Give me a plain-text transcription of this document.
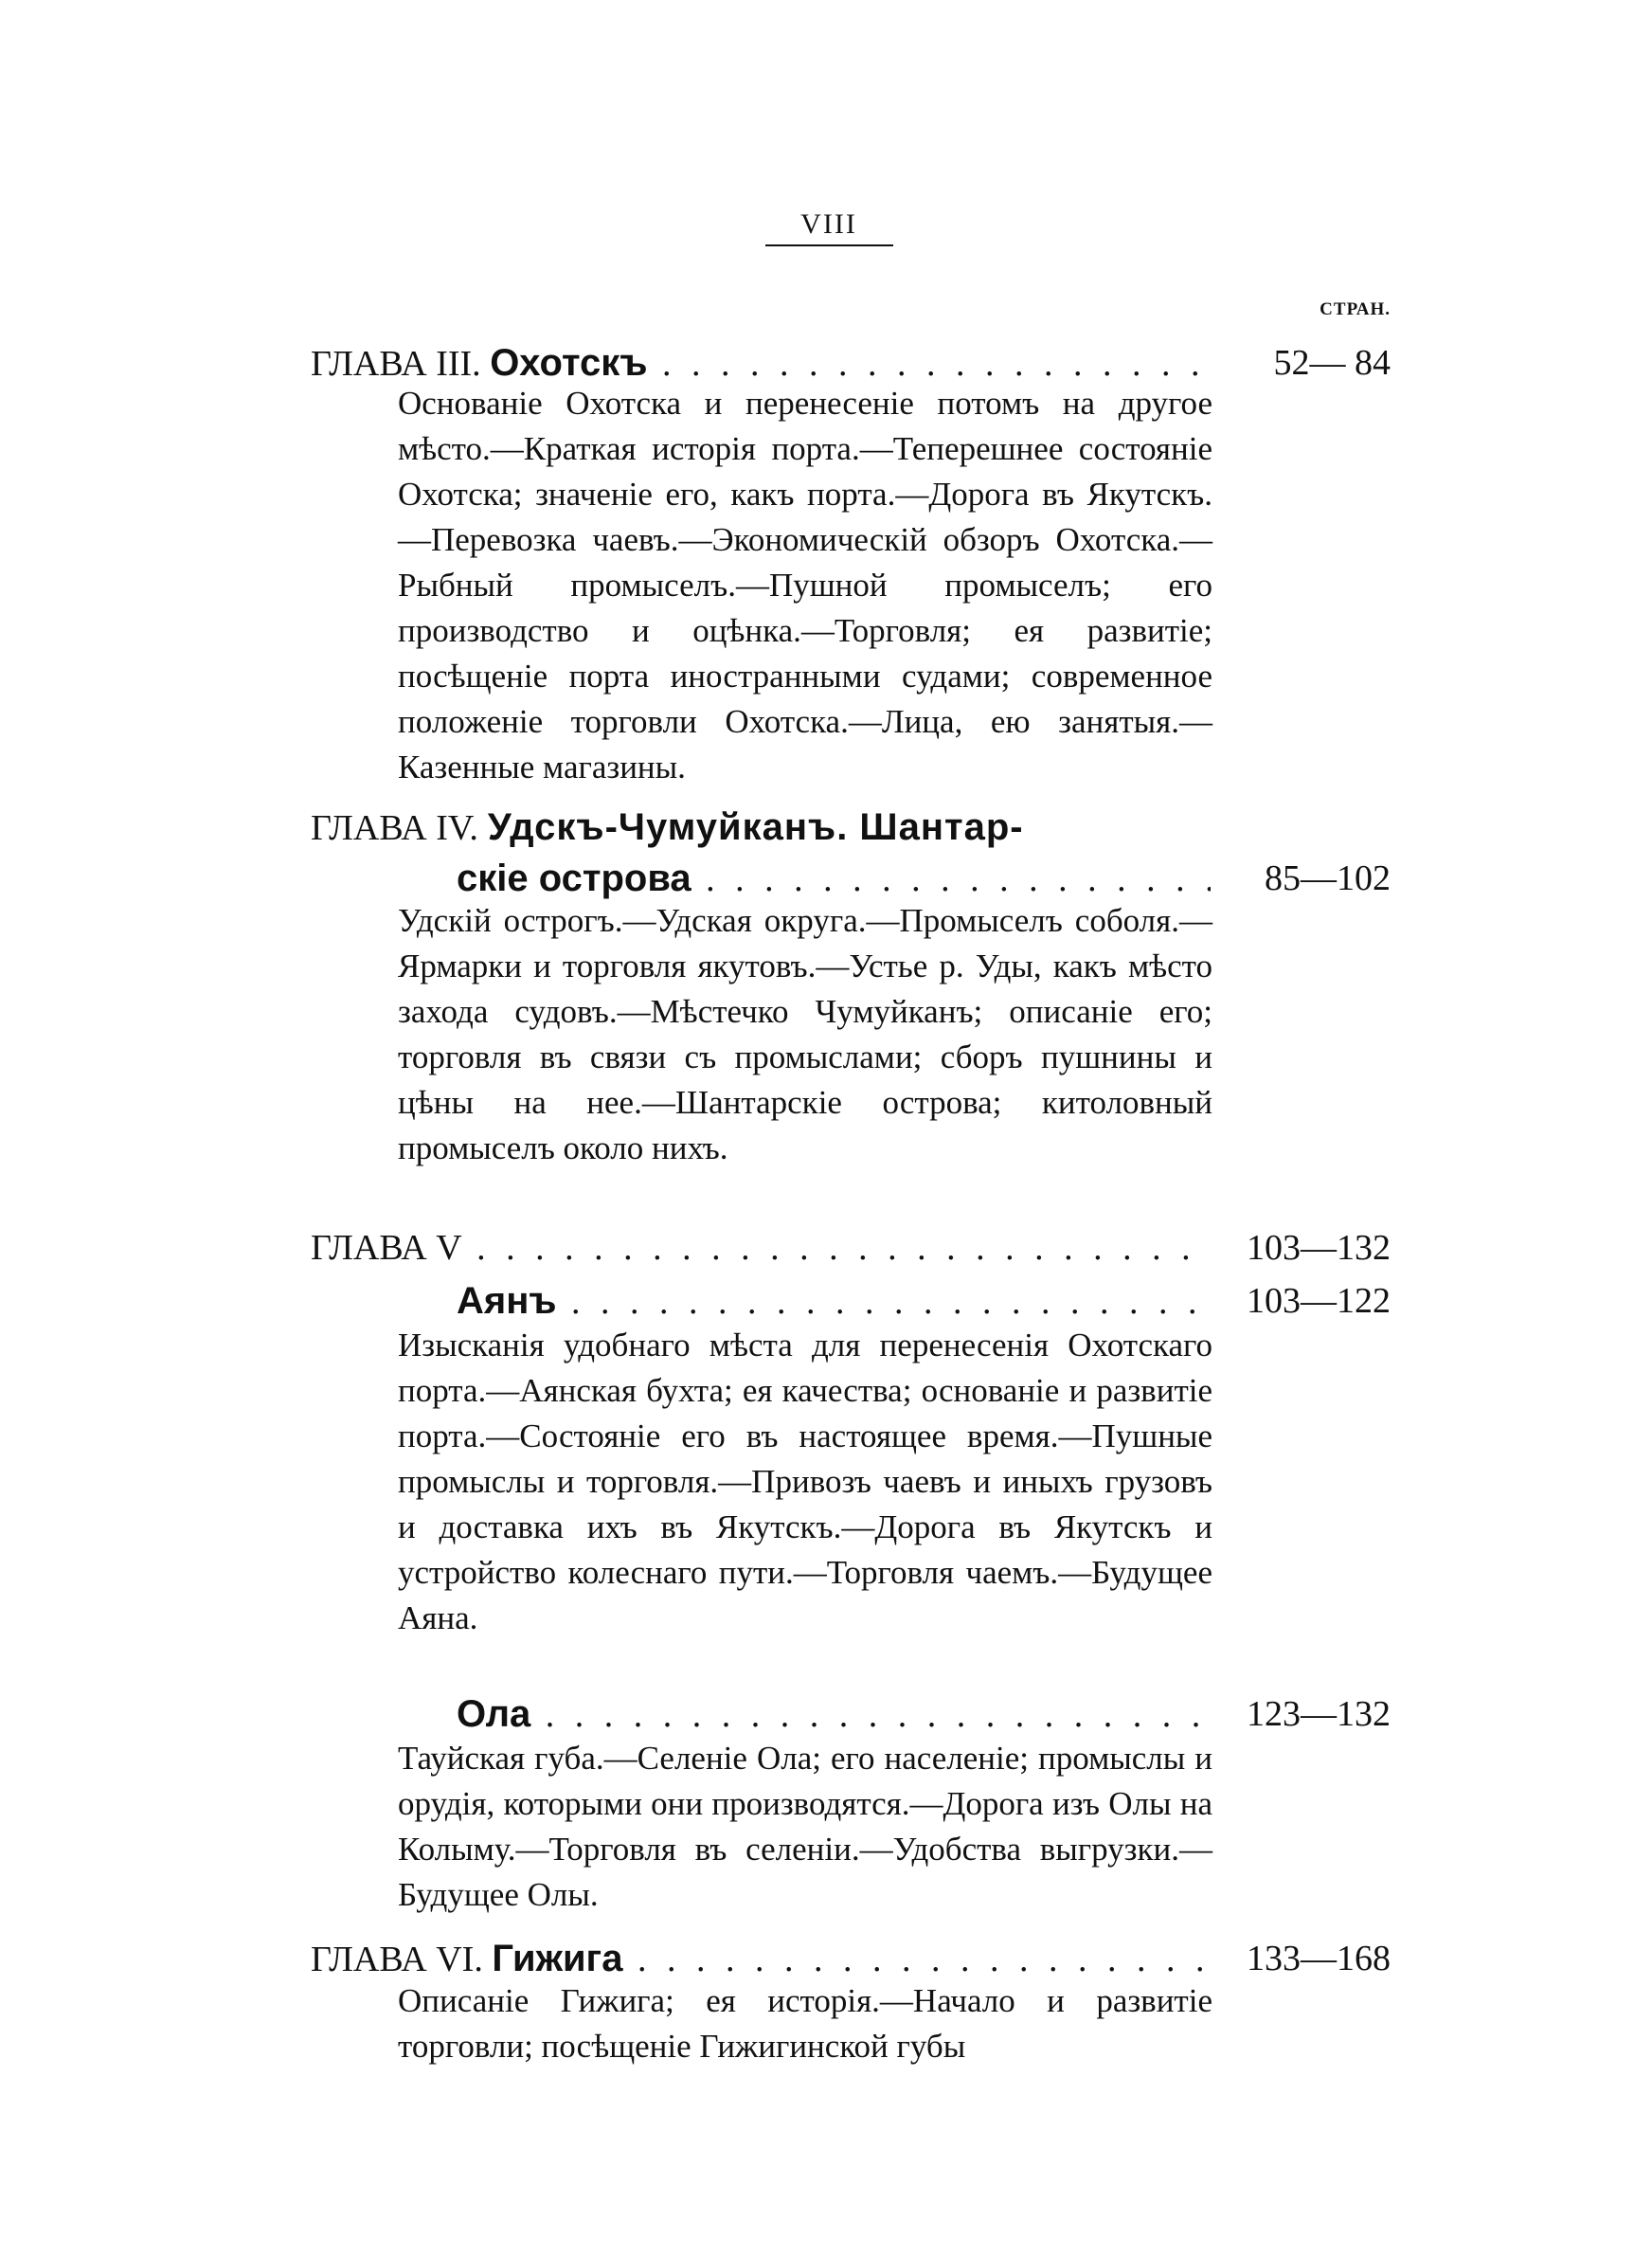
VIII
СТРАН.
ГЛАВА III. Охотскъ . . .	52— 84
Основаніе Охотска и перенесеніе потомъ на другое мѣсто.—Краткая исторія порта.—Теперешнее состояніе Охотска; значеніе его, какъ порта.—Дорога въ Якутскъ.—Перевозка чаевъ.—Экономическій обзоръ Охотска.—Рыбный промыселъ.—Пушной промыселъ; его производство и оцѣнка.—Торговля; ея развитіе; посѣщеніе порта иностранными судами; современное положеніе торговли Охотска.—Лица, ею занятыя.—Казенные магазины.
ГЛАВА IV. Удскъ-Чумуйканъ. Шантар-
скіе острова . . .	85—102
Удскій острогъ.—Удская округа.—Промыселъ соболя.—Ярмарки и торговля якутовъ.—Устье р. Уды, какъ мѣсто захода судовъ.—Мѣстечко Чумуйканъ; описаніе его; торговля въ связи съ промыслами; сборъ пушнины и цѣны на нее.—Шантарскіе острова; китоловный промыселъ около нихъ.
ГЛАВА V . . .	103—132
Аянъ . . .	103—122
Изысканія удобнаго мѣста для перенесенія Охотскаго порта.—Аянская бухта; ея качества; основаніе и развитіе порта.—Состояніе его въ настоящее время.—Пушные промыслы и торговля.—Привозъ чаевъ и иныхъ грузовъ и доставка ихъ въ Якутскъ.—Дорога въ Якутскъ и устройство колеснаго пути.—Торговля чаемъ.—Будущее Аяна.
Ола . . .	123—132
Тауйская губа.—Селеніе Ола; его населеніе; промыслы и орудія, которыми они производятся.—Дорога изъ Олы на Колыму.—Торговля въ селеніи.—Удобства выгрузки.—Будущее Олы.
ГЛАВА VI. Гижига . . .	133—168
Описаніе Гижига; ея исторія.—Начало и развитіе торговли; посѣщеніе Гижигинской губы
